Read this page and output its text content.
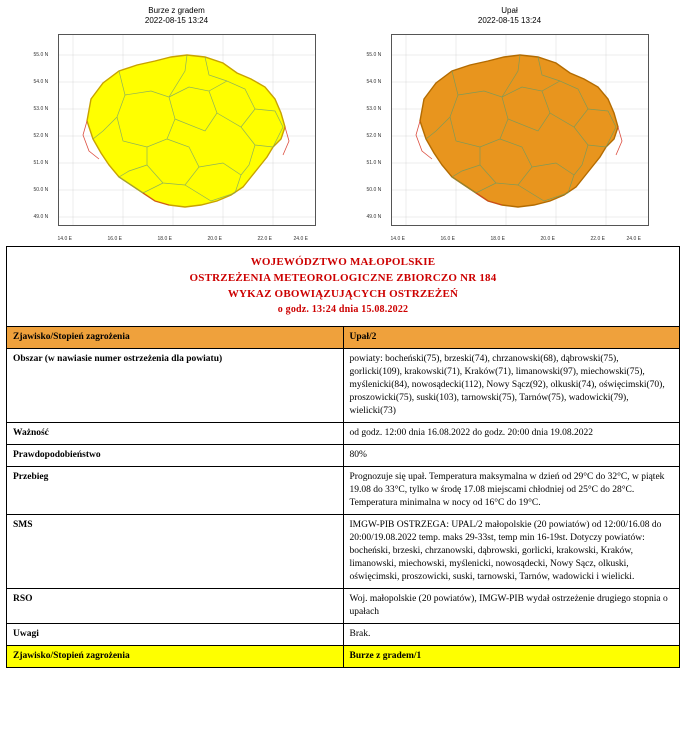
Burze z gradem
2022-08-15 13:24
55.0 N
54.0 N
53.0 N
52.0 N
51.0 N
50.0 N
49.0 N
14.0 E	16.0 E	18.0 E	20.0 E	22.0 E	24.0 E
Upał
2022-08-15 13:24
55.0 N
54.0 N
53.0 N
52.0 N
51.0 N
50.0 N
49.0 N
14.0 E	16.0 E	18.0 E	20.0 E	22.0 E	24.0 E
WOJEWÓDZTWO MAŁOPOLSKIE
OSTRZEŻENIA METEOROLOGICZNE ZBIORCZO NR 184
WYKAZ OBOWIĄZUJĄCYCH OSTRZEŻEŃ
o godz. 13:24 dnia 15.08.2022	

Zjawisko/Stopień zagrożenia	Upał/2
Obszar (w nawiasie numer ostrzeżenia dla powiatu)	powiaty: bocheński(75), brzeski(74), chrzanowski(68), dąbrowski(75), gorlicki(109), krakowski(71), Kraków(71), limanowski(97), miechowski(75), myślenicki(84), nowosądecki(112), Nowy Sącz(92), olkuski(74), oświęcimski(70), proszowicki(75), suski(103), tarnowski(75), Tarnów(75), wadowicki(79), wielicki(73)
Ważność	od godz. 12:00 dnia 16.08.2022 do godz. 20:00 dnia 19.08.2022
Prawdopodobieństwo	80%
Przebieg	Prognozuje się upał. Temperatura maksymalna w dzień od 29°C do 32°C, w piątek 19.08 do 33°C, tylko w środę 17.08 miejscami chłodniej od 25°C do 28°C. Temperatura minimalna w nocy od 16°C do 19°C.
SMS	IMGW-PIB OSTRZEGA: UPAL/2 małopolskie (20 powiatów) od 12:00/16.08 do 20:00/19.08.2022 temp. maks 29-33st, temp min 16-19st. Dotyczy powiatów: bocheński, brzeski, chrzanowski, dąbrowski, gorlicki, krakowski, Kraków, limanowski, miechowski, myślenicki, nowosądecki, Nowy Sącz, olkuski, oświęcimski, proszowicki, suski, tarnowski, Tarnów, wadowicki i wielicki.
RSO	Woj. małopolskie (20 powiatów), IMGW-PIB wydał ostrzeżenie drugiego stopnia o upałach
Uwagi	Brak.
Zjawisko/Stopień zagrożenia	Burze z gradem/1
